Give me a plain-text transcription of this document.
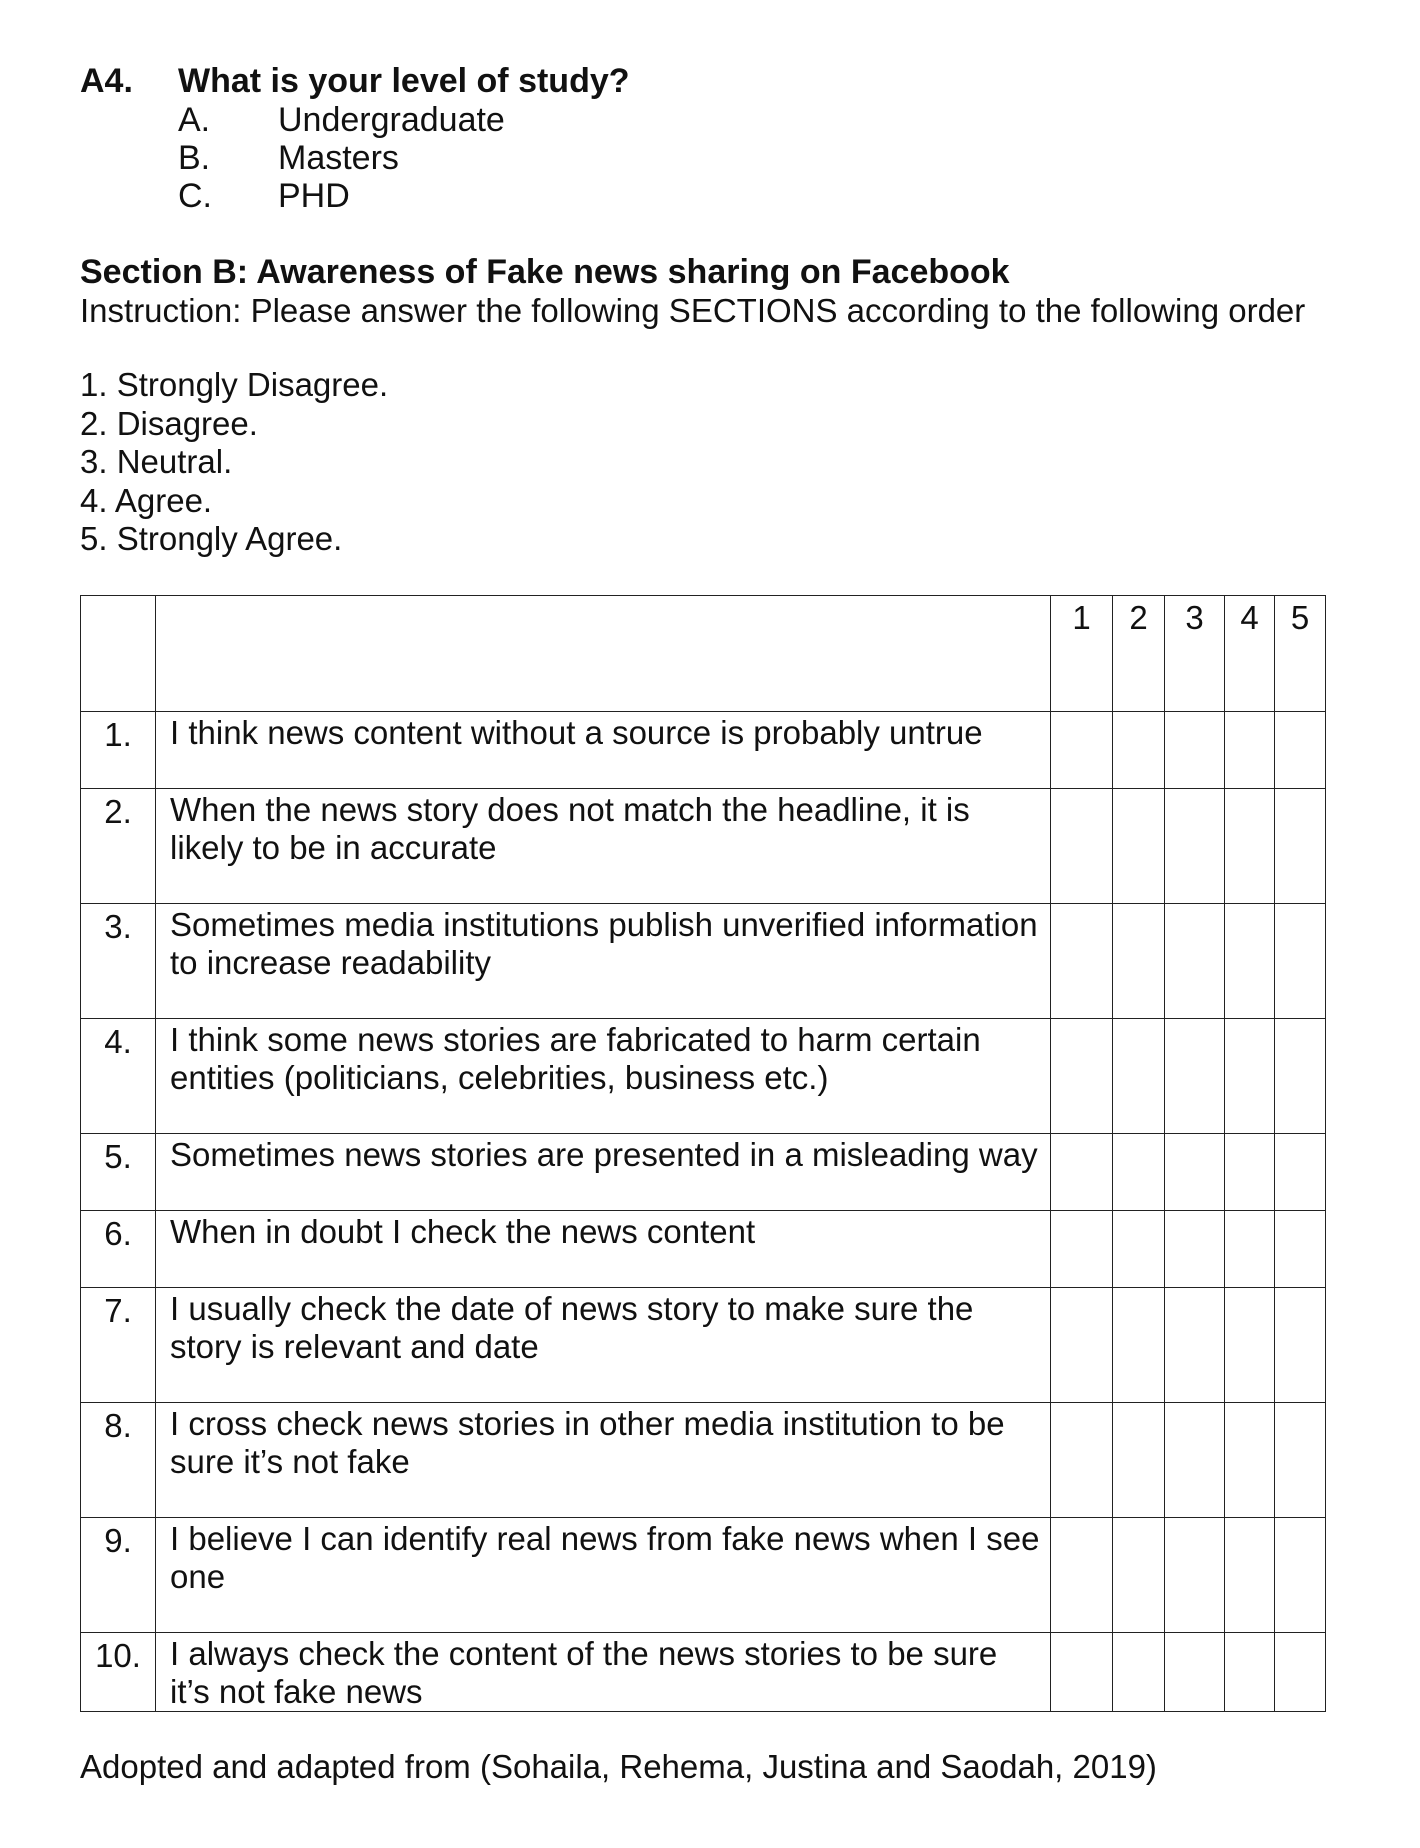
A4.	What is your level of study?
A.	Undergraduate
B.	Masters
C.	PHD
Section B: Awareness of Fake news sharing on Facebook
Instruction: Please answer the following SECTIONS according to the following order
1. Strongly Disagree.
2. Disagree.
3. Neutral.
4. Agree.
5. Strongly Agree.
		1	2	3	4	5
1.	I think news content without a source is probably untrue					
2.	When the news story does not match the headline, it is likely to be in accurate					
3.	Sometimes media institutions publish unverified information to increase readability					
4.	I think some news stories are fabricated to harm certain entities (politicians, celebrities, business etc.)					
5.	Sometimes news stories are presented in a misleading way					
6.	When in doubt I check the news content					
7.	I usually check the date of news story to make sure the story is relevant and date					
8.	I cross check news stories in other media institution to be sure it’s not fake					
9.	I believe I can identify real news from fake news when I see one					
10.	I always check the content of the news stories to be sure it’s not fake news					
Adopted and adapted from (Sohaila, Rehema, Justina and Saodah, 2019)
